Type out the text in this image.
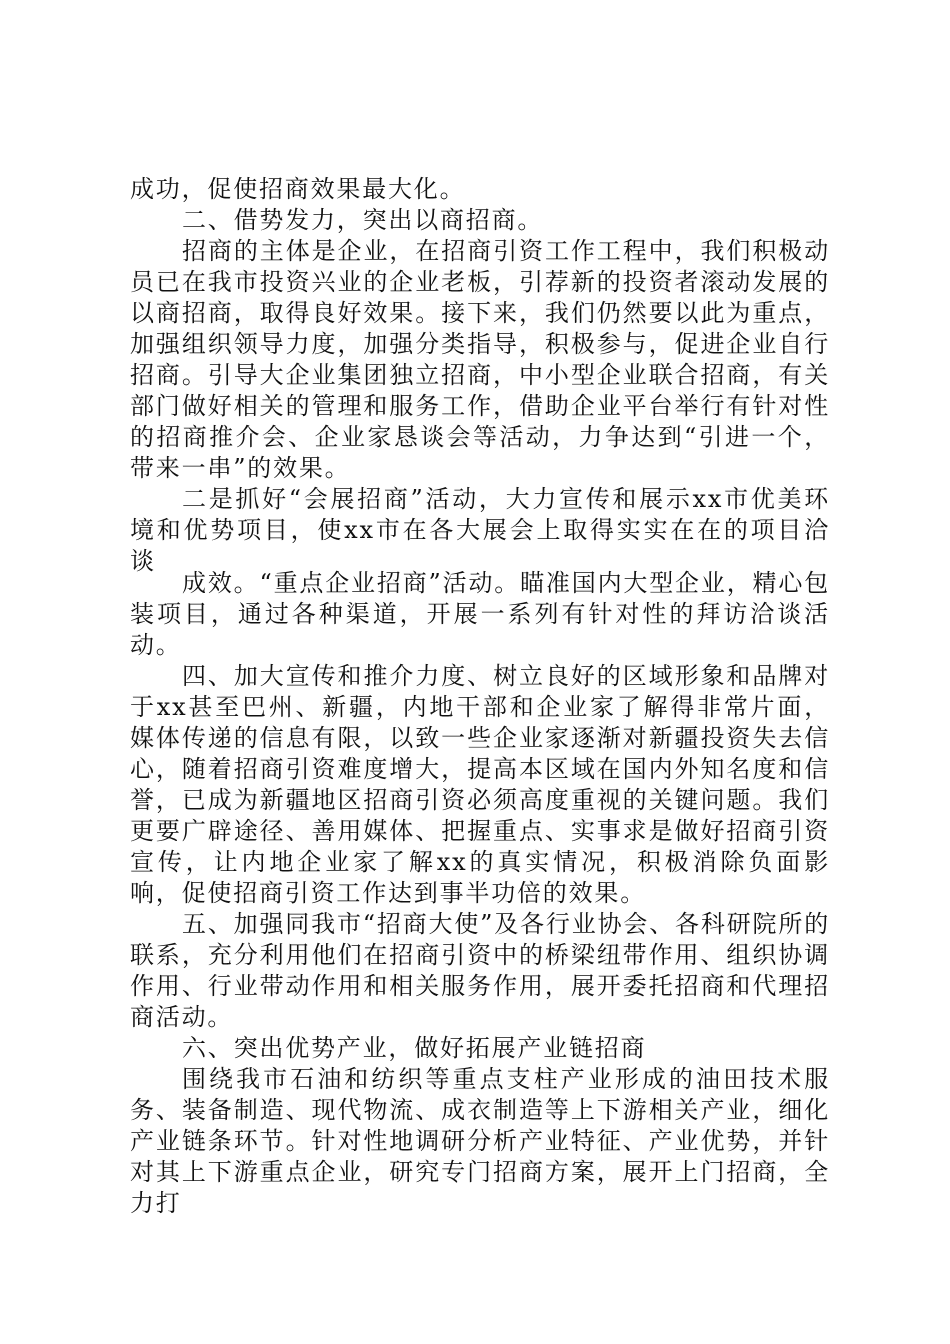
成功，促使招商效果最大化。

二、借势发力，突出以商招商。

招商的主体是企业，在招商引资工作工程中，我们积极动员已在我市投资兴业的企业老板，引荐新的投资者滚动发展的以商招商，取得良好效果。接下来，我们仍然要以此为重点，加强组织领导力度，加强分类指导，积极参与，促进企业自行招商。引导大企业集团独立招商，中小型企业联合招商，有关部门做好相关的管理和服务工作，借助企业平台举行有针对性的招商推介会、企业家恳谈会等活动，力争达到“引进一个，带来一串”的效果。

二是抓好“会展招商”活动，大力宣传和展示xx市优美环境和优势项目，使xx市在各大展会上取得实实在在的项目洽谈

成效。“重点企业招商”活动。瞄准国内大型企业，精心包装项目，通过各种渠道，开展一系列有针对性的拜访洽谈活动。

四、加大宣传和推介力度、树立良好的区域形象和品牌对于xx甚至巴州、新疆，内地干部和企业家了解得非常片面，媒体传递的信息有限，以致一些企业家逐渐对新疆投资失去信心，随着招商引资难度增大，提高本区域在国内外知名度和信誉，已成为新疆地区招商引资必须高度重视的关键问题。我们更要广辟途径、善用媒体、把握重点、实事求是做好招商引资宣传，让内地企业家了解xx的真实情况，积极消除负面影响，促使招商引资工作达到事半功倍的效果。

五、加强同我市“招商大使”及各行业协会、各科研院所的联系，充分利用他们在招商引资中的桥梁纽带作用、组织协调作用、行业带动作用和相关服务作用，展开委托招商和代理招商活动。

六、突出优势产业，做好拓展产业链招商

围绕我市石油和纺织等重点支柱产业形成的油田技术服务、装备制造、现代物流、成衣制造等上下游相关产业，细化产业链条环节。针对性地调研分析产业特征、产业优势，并针对其上下游重点企业，研究专门招商方案，展开上门招商，全力打
